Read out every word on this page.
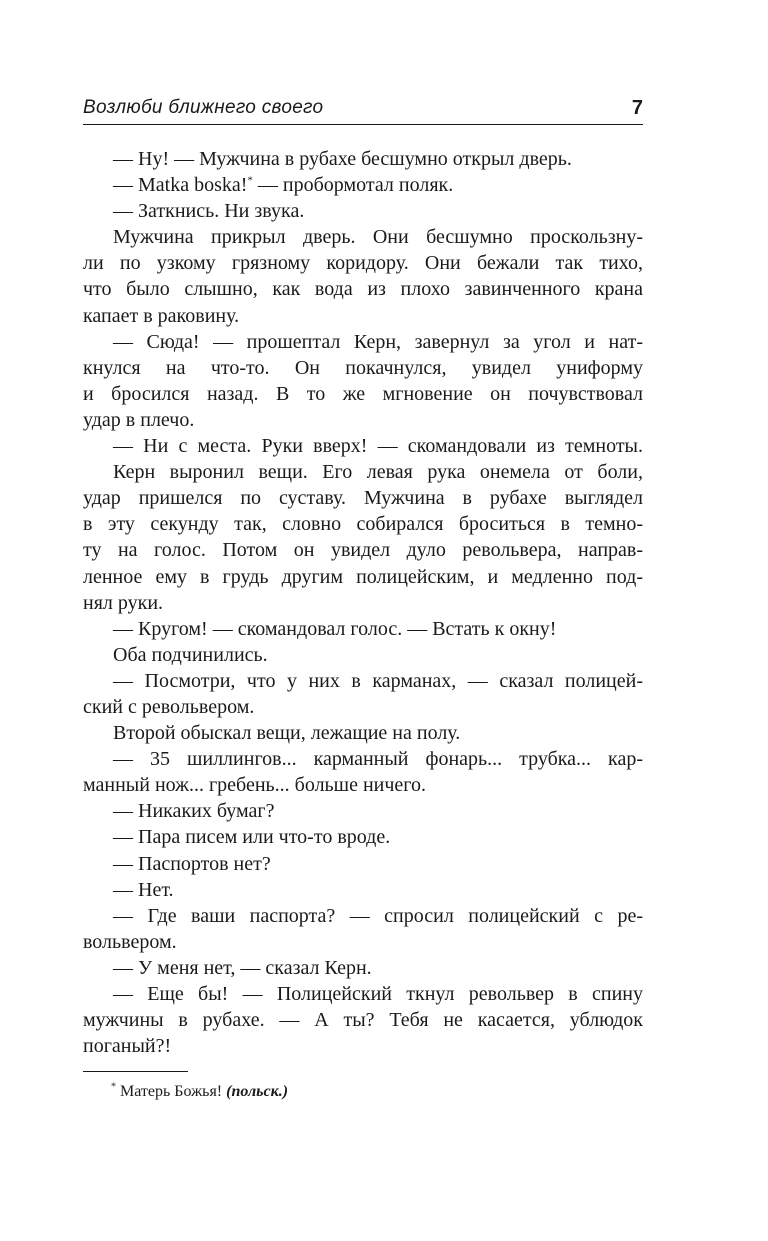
Возлюби ближнего своего	7
— Ну! — Мужчина в рубахе бесшумно открыл дверь.
— Matka boska!* — пробормотал поляк.
— Заткнись. Ни звука.
Мужчина прикрыл дверь. Они бесшумно проскользну-
ли по узкому грязному коридору. Они бежали так тихо,
что было слышно, как вода из плохо завинченного крана
капает в раковину.
— Сюда! — прошептал Керн, завернул за угол и нат-
кнулся на что-то. Он покачнулся, увидел униформу
и бросился назад. В то же мгновение он почувствовал
удар в плечо.
— Ни с места. Руки вверх! — скомандовали из темноты.
Керн выронил вещи. Его левая рука онемела от боли,
удар пришелся по суставу. Мужчина в рубахе выглядел
в эту секунду так, словно собирался броситься в темно-
ту на голос. Потом он увидел дуло револьвера, направ-
ленное ему в грудь другим полицейским, и медленно под-
нял руки.
— Кругом! — скомандовал голос. — Встать к окну!
Оба подчинились.
— Посмотри, что у них в карманах, — сказал полицей-
ский с револьвером.
Второй обыскал вещи, лежащие на полу.
— 35 шиллингов... карманный фонарь... трубка... кар-
манный нож... гребень... больше ничего.
— Никаких бумаг?
— Пара писем или что-то вроде.
— Паспортов нет?
— Нет.
— Где ваши паспорта? — спросил полицейский с ре-
вольвером.
— У меня нет, — сказал Керн.
— Еще бы! — Полицейский ткнул револьвер в спину
мужчины в рубахе. — А ты? Тебя не касается, ублюдок
поганый?!
* Матерь Божья! (польск.)
